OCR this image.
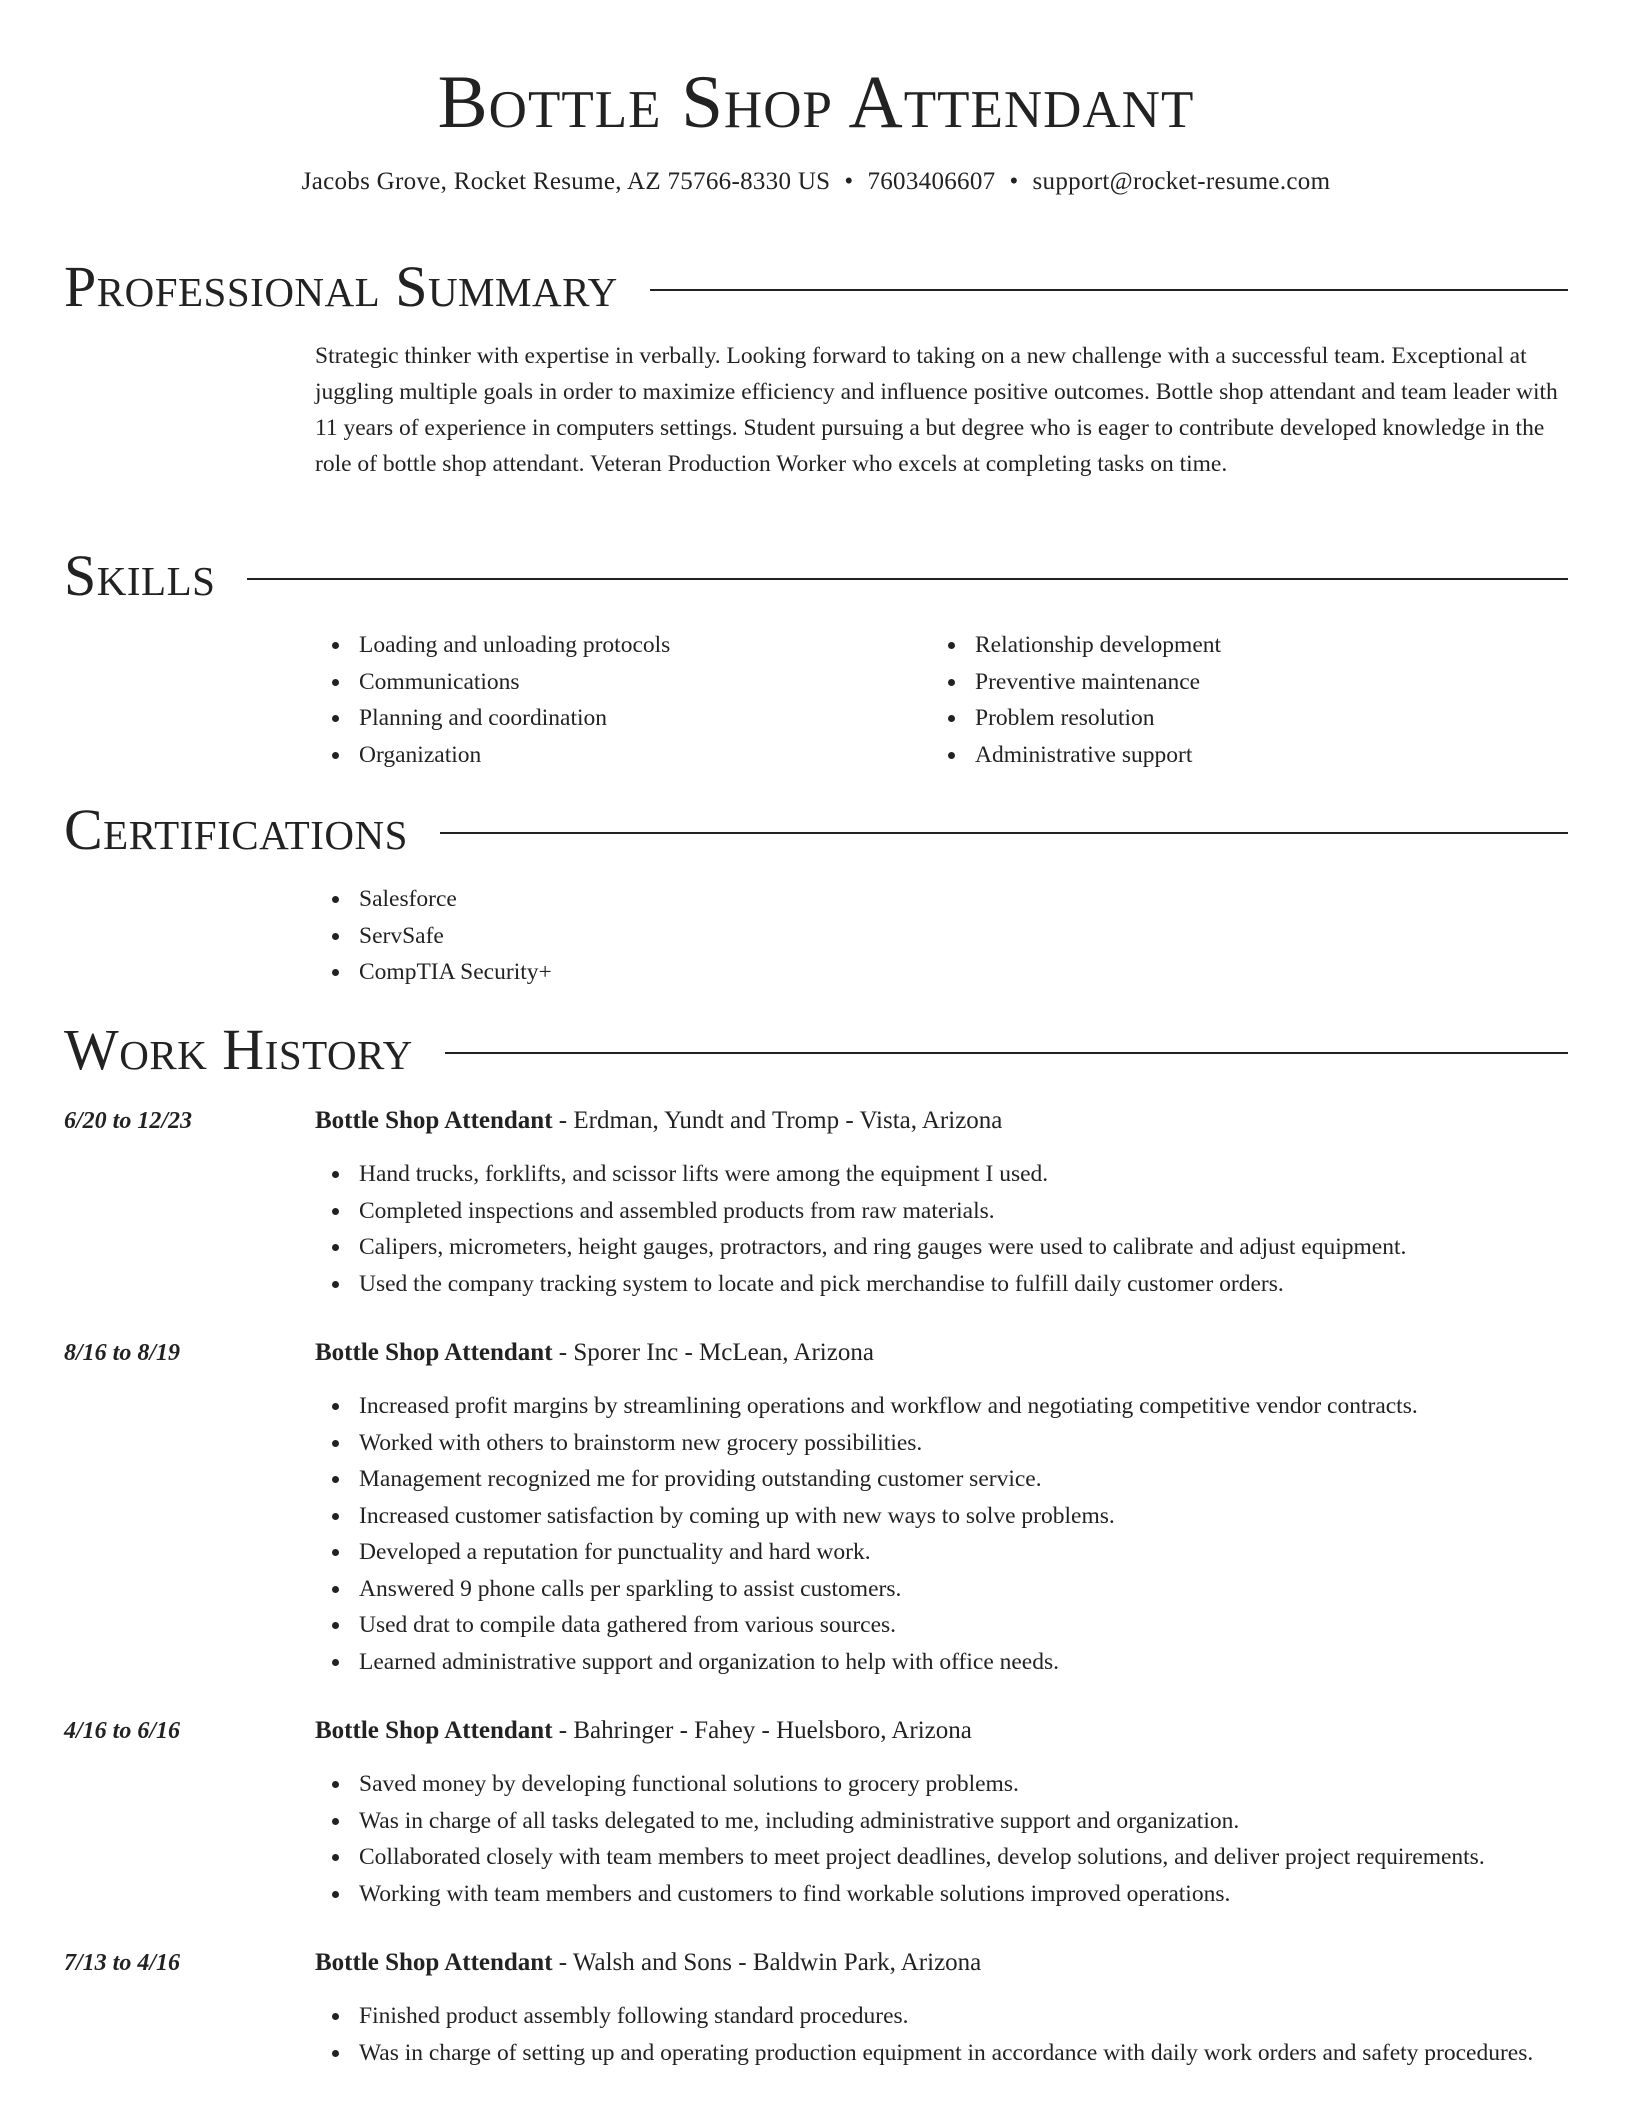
Bottle Shop Attendant
Jacobs Grove, Rocket Resume, AZ 75766-8330 US • 7603406607 • support@rocket-resume.com
Professional Summary

Strategic thinker with expertise in verbally. Looking forward to taking on a new challenge with a successful team. Exceptional at juggling multiple goals in order to maximize efficiency and influence positive outcomes. Bottle shop attendant and team leader with 11 years of experience in computers settings. Student pursuing a but degree who is eager to contribute developed knowledge in the role of bottle shop attendant. Veteran Production Worker who excels at completing tasks on time.

Skills
Loading and unloading protocols
Communications
Planning and coordination
Organization
Relationship development
Preventive maintenance
Problem resolution
Administrative support
Certifications
Salesforce
ServSafe
CompTIA Security+
Work History
6/20 to 12/23	Bottle Shop Attendant - Erdman, Yundt and Tromp - Vista, Arizona
Hand trucks, forklifts, and scissor lifts were among the equipment I used.
Completed inspections and assembled products from raw materials.
Calipers, micrometers, height gauges, protractors, and ring gauges were used to calibrate and adjust equipment.
Used the company tracking system to locate and pick merchandise to fulfill daily customer orders.
8/16 to 8/19	Bottle Shop Attendant - Sporer Inc - McLean, Arizona
Increased profit margins by streamlining operations and workflow and negotiating competitive vendor contracts.
Worked with others to brainstorm new grocery possibilities.
Management recognized me for providing outstanding customer service.
Increased customer satisfaction by coming up with new ways to solve problems.
Developed a reputation for punctuality and hard work.
Answered 9 phone calls per sparkling to assist customers.
Used drat to compile data gathered from various sources.
Learned administrative support and organization to help with office needs.
4/16 to 6/16	Bottle Shop Attendant - Bahringer - Fahey - Huelsboro, Arizona
Saved money by developing functional solutions to grocery problems.
Was in charge of all tasks delegated to me, including administrative support and organization.
Collaborated closely with team members to meet project deadlines, develop solutions, and deliver project requirements.
Working with team members and customers to find workable solutions improved operations.
7/13 to 4/16	Bottle Shop Attendant - Walsh and Sons - Baldwin Park, Arizona
Finished product assembly following standard procedures.
Was in charge of setting up and operating production equipment in accordance with daily work orders and safety procedures.
